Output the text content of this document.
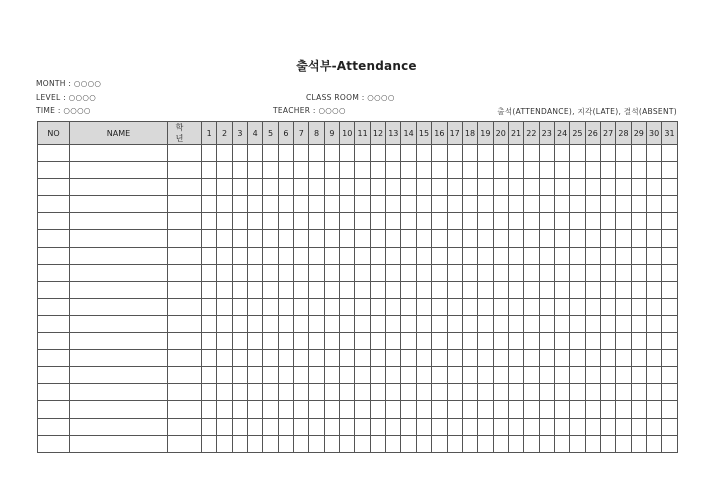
출석부-Attendance
MONTH : ○○○○
LEVEL : ○○○○	CLASS ROOM : ○○○○
TIME : ○○○○	TEACHER : ○○○○	출석(ATTENDANCE), 지각(LATE), 결석(ABSENT)
NO	NAME	학 년	1	2	3	4	5	6	7	8	9	10	11	12	13	14	15	16	17	18	19	20	21	22	23	24	25	26	27	28	29	30	31
